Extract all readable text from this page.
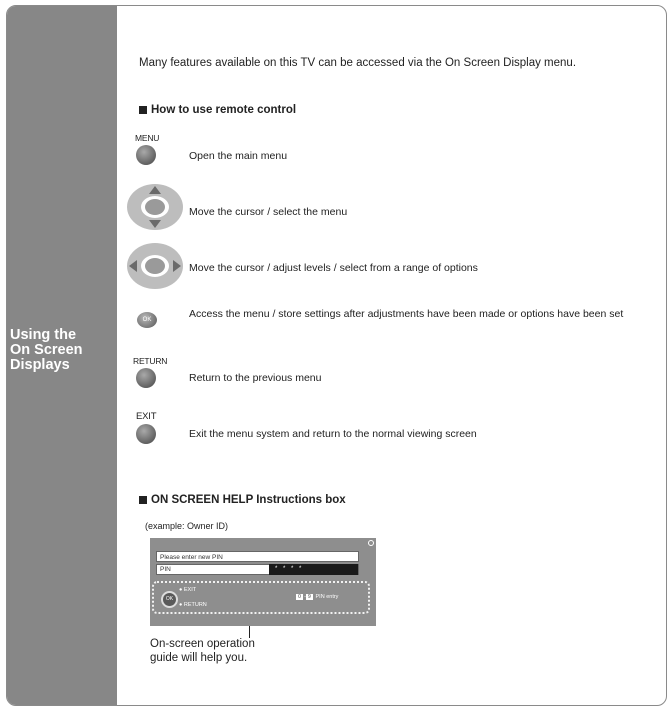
Using the
On Screen
Displays
Many features available on this TV can be accessed via the On Screen Display menu.
How to use remote control
MENU
Open the main menu
Move the cursor / select the menu
Move the cursor / adjust levels / select from a range of options
OK	Access the menu / store settings after adjustments have been made or options have been set
RETURN
Return to the previous menu
EXIT
Exit the menu system and return to the normal viewing screen
ON SCREEN HELP Instructions box
(example: Owner ID)
Please enter new PIN
PIN	* * * *
OK
● EXIT
● RETURN
0 - 9 PIN entry
On-screen operation
guide will help you.
